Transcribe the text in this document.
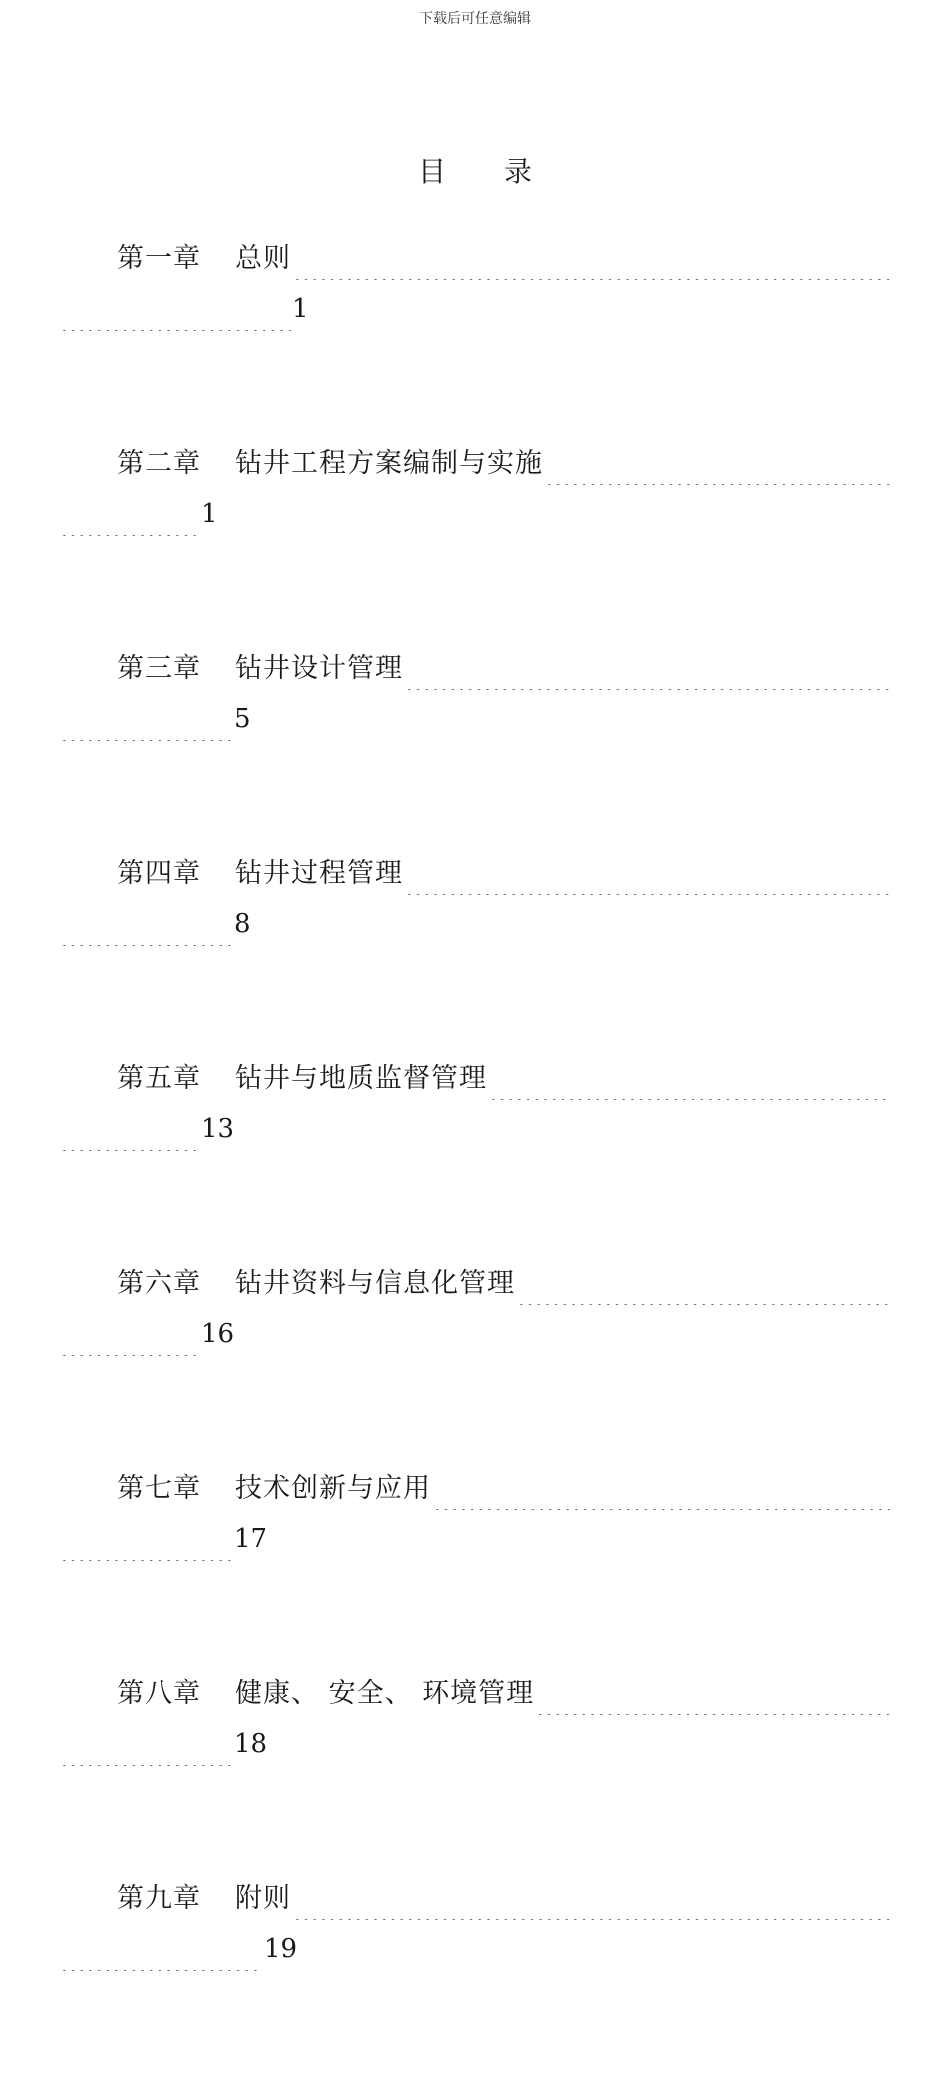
下载后可任意编辑
目 录
第一章 总则
1
第二章 钻井工程方案编制与实施
1
第三章 钻井设计管理
5
第四章 钻井过程管理
8
第五章 钻井与地质监督管理
13
第六章 钻井资料与信息化管理
16
第七章 技术创新与应用
17
第八章 健康、 安全、 环境管理
18
第九章 附则
19
